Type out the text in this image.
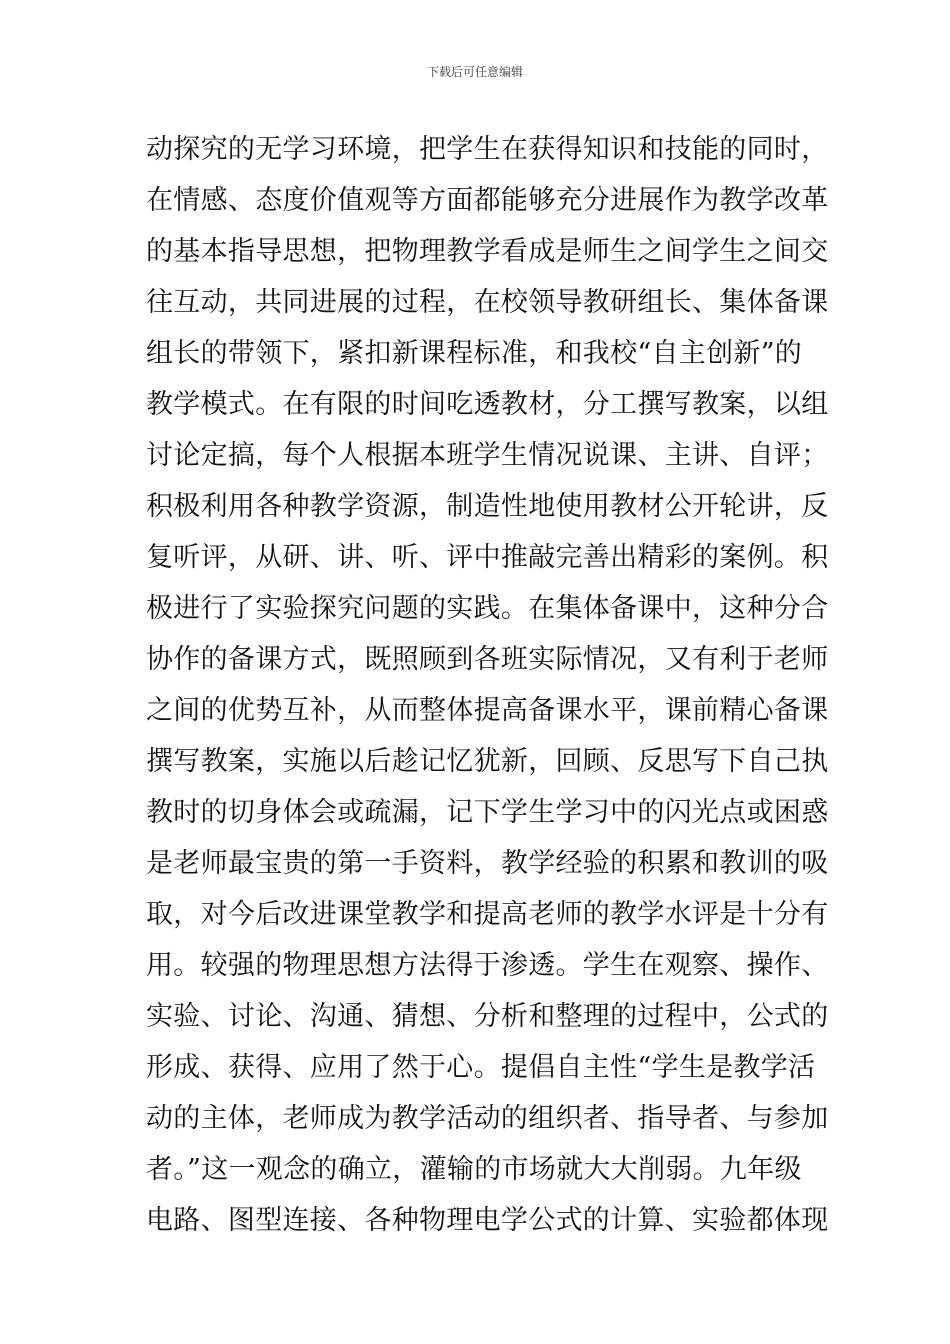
下载后可任意编辑
动探究的无学习环境，把学生在获得知识和技能的同时，
在情感、态度价值观等方面都能够充分进展作为教学改革
的基本指导思想，把物理教学看成是师生之间学生之间交
往互动，共同进展的过程，在校领导教研组长、集体备课
组长的带领下，紧扣新课程标准，和我校“自主创新”的
教学模式。在有限的时间吃透教材，分工撰写教案，以组
讨论定搞，每个人根据本班学生情况说课、主讲、自评；
积极利用各种教学资源，制造性地使用教材公开轮讲，反
复听评，从研、讲、听、评中推敲完善出精彩的案例。积
极进行了实验探究问题的实践。在集体备课中，这种分合
协作的备课方式，既照顾到各班实际情况，又有利于老师
之间的优势互补，从而整体提高备课水平，课前精心备课
撰写教案，实施以后趁记忆犹新，回顾、反思写下自己执
教时的切身体会或疏漏，记下学生学习中的闪光点或困惑
是老师最宝贵的第一手资料，教学经验的积累和教训的吸
取，对今后改进课堂教学和提高老师的教学水评是十分有
用。较强的物理思想方法得于渗透。学生在观察、操作、
实验、讨论、沟通、猜想、分析和整理的过程中，公式的
形成、获得、应用了然于心。提倡自主性“学生是教学活
动的主体，老师成为教学活动的组织者、指导者、与参加
者。”这一观念的确立，灌输的市场就大大削弱。九年级
电路、图型连接、各种物理电学公式的计算、实验都体现
